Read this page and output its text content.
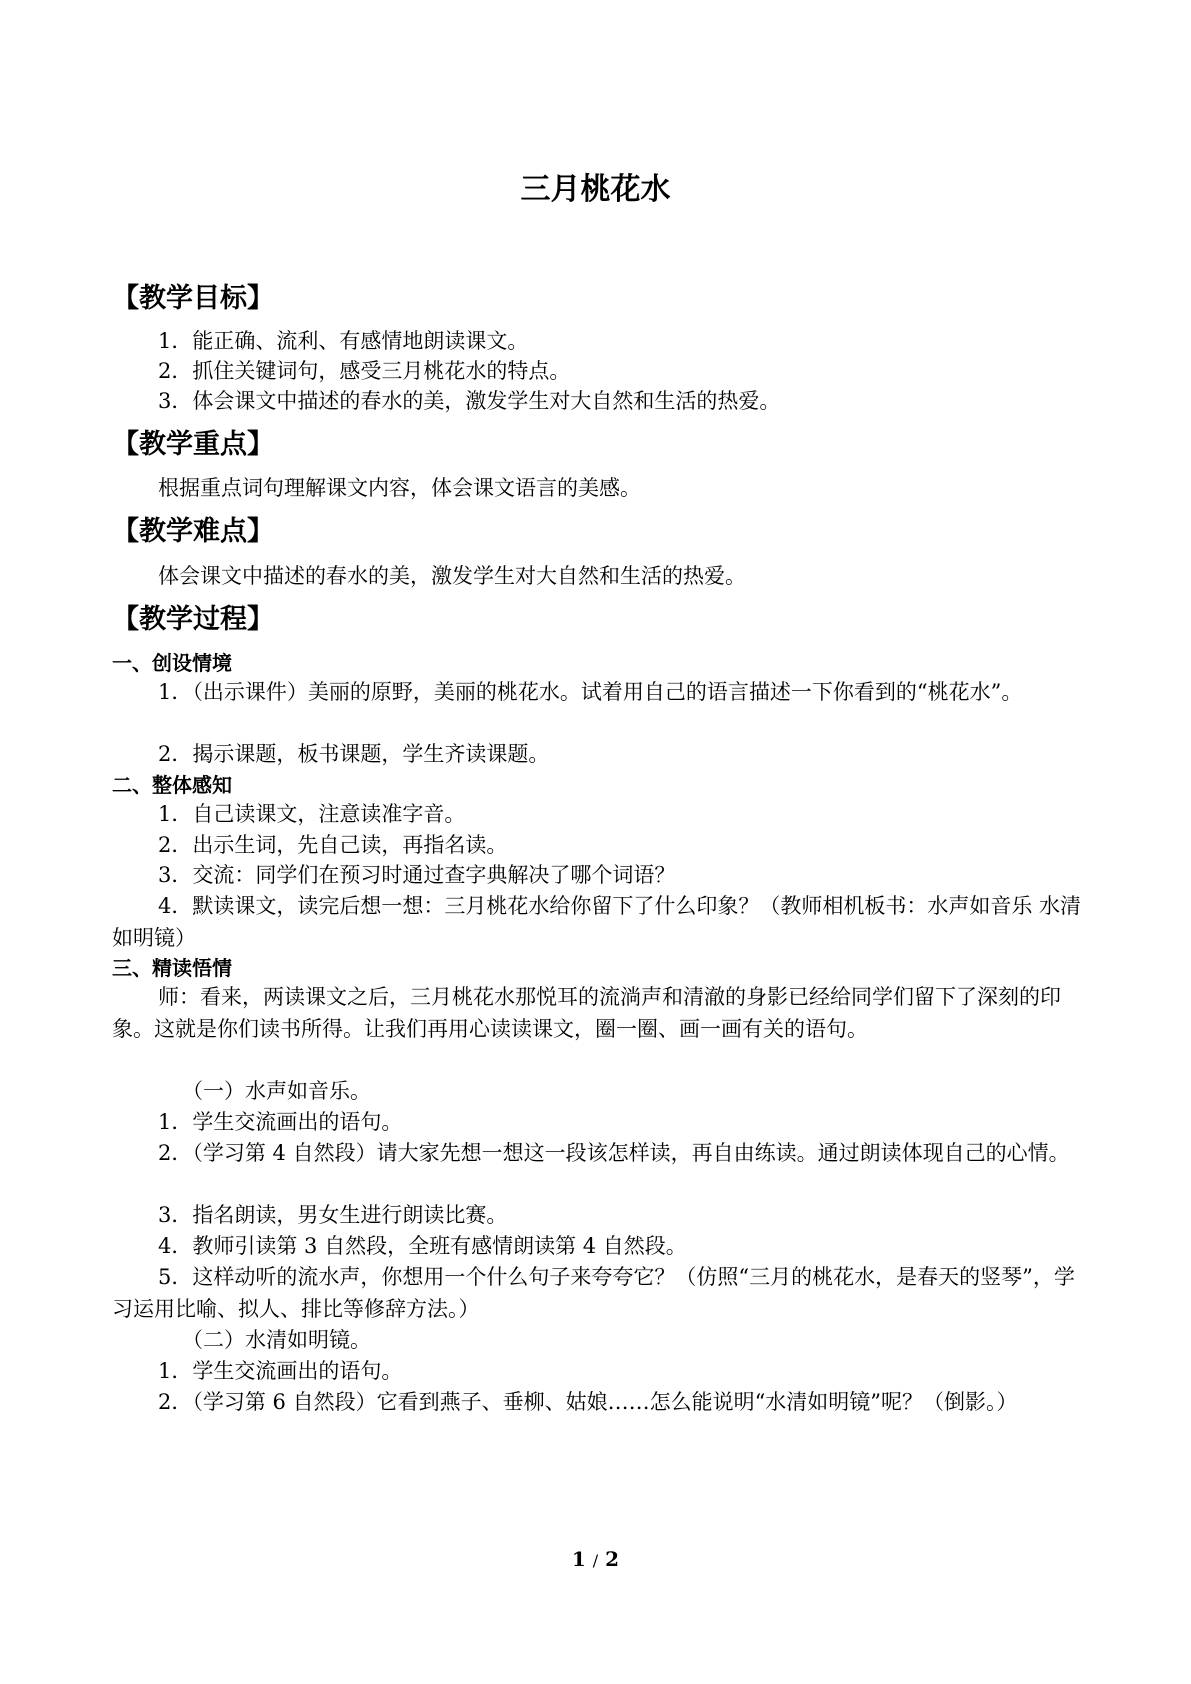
三月桃花水
【教学目标】

1．能正确、流利、有感情地朗读课文。

2．抓住关键词句，感受三月桃花水的特点。

3．体会课文中描述的春水的美，激发学生对大自然和生活的热爱。

【教学重点】

根据重点词句理解课文内容，体会课文语言的美感。

【教学难点】

体会课文中描述的春水的美，激发学生对大自然和生活的热爱。

【教学过程】
一、创设情境

1．（出示课件）美丽的原野，美丽的桃花水。试着用自己的语言描述一下你看到的“桃花水”。

2．揭示课题，板书课题，学生齐读课题。

二、整体感知

1．自己读课文，注意读准字音。

2．出示生词，先自己读，再指名读。

3．交流：同学们在预习时通过查字典解决了哪个词语？

4．默读课文，读完后想一想：三月桃花水给你留下了什么印象？（教师相机板书：水声如音乐 水清如明镜）

三、精读悟情

师：看来，两读课文之后，三月桃花水那悦耳的流淌声和清澈的身影已经给同学们留下了深刻的印象。这就是你们读书所得。让我们再用心读读课文，圈一圈、画一画有关的语句。

（一）水声如音乐。

1．学生交流画出的语句。

2．（学习第 4 自然段）请大家先想一想这一段该怎样读，再自由练读。通过朗读体现自己的心情。

3．指名朗读，男女生进行朗读比赛。

4．教师引读第 3 自然段，全班有感情朗读第 4 自然段。

5．这样动听的流水声，你想用一个什么句子来夸夸它？（仿照“三月的桃花水，是春天的竖琴”，学习运用比喻、拟人、排比等修辞方法。）

（二）水清如明镜。

1．学生交流画出的语句。

2．（学习第 6 自然段）它看到燕子、垂柳、姑娘……怎么能说明“水清如明镜”呢？（倒影。）

1 / 2
